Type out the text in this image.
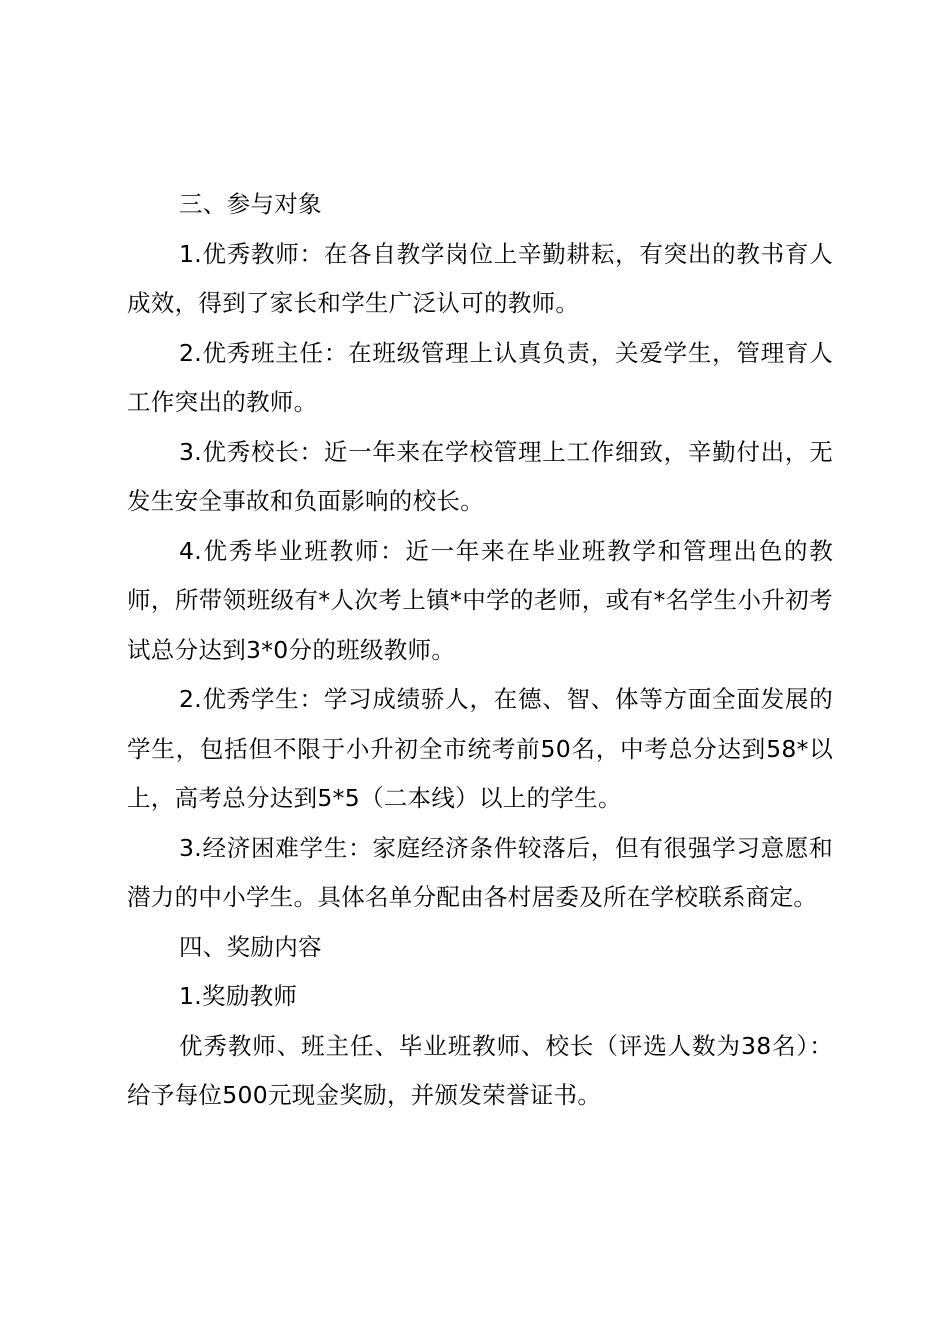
三、参与对象

1.优秀教师：在各自教学岗位上辛勤耕耘，有突出的教书育人成效，得到了家长和学生广泛认可的教师。

2.优秀班主任：在班级管理上认真负责，关爱学生，管理育人工作突出的教师。

3.优秀校长：近一年来在学校管理上工作细致，辛勤付出，无发生安全事故和负面影响的校长。

4.优秀毕业班教师：近一年来在毕业班教学和管理出色的教师，所带领班级有*人次考上镇*中学的老师，或有*名学生小升初考试总分达到3*0分的班级教师。

2.优秀学生：学习成绩骄人，在德、智、体等方面全面发展的学生，包括但不限于小升初全市统考前50名，中考总分达到58*以上，高考总分达到5*5（二本线）以上的学生。

3.经济困难学生：家庭经济条件较落后，但有很强学习意愿和潜力的中小学生。具体名单分配由各村居委及所在学校联系商定。

四、奖励内容

1.奖励教师

优秀教师、班主任、毕业班教师、校长（评选人数为38名）：给予每位500元现金奖励，并颁发荣誉证书。
